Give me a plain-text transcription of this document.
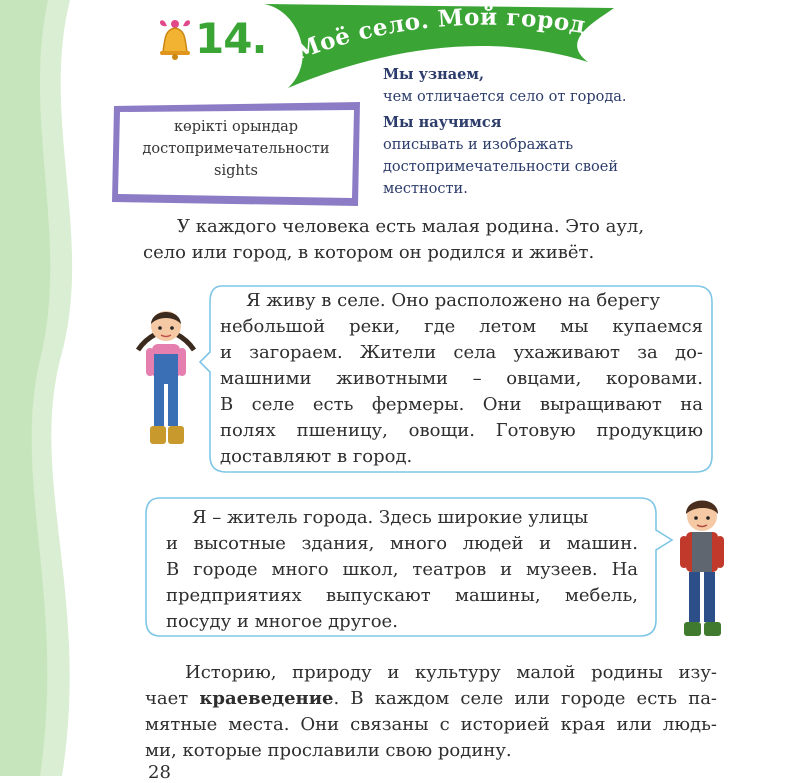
14. Моё село. Мой город
Мы узнаем,
чем отличается село от города.
Мы научимся
описывать и изображать
достопримечательности своей
местности.
көрікті орындар
достопримечательности
sights
У каждого человека есть малая родина. Это аул,
село или город, в котором он родился и живёт.
Я живу в селе. Оно расположено на берегу
небольшой реки, где летом мы купаемся
и загораем. Жители села ухаживают за до-
машними животными – овцами, коровами.
В селе есть фермеры. Они выращивают на
полях пшеницу, овощи. Готовую продукцию
доставляют в город.
Я – житель города. Здесь широкие улицы
и высотные здания, много людей и машин.
В городе много школ, театров и музеев. На
предприятиях выпускают машины, мебель,
посуду и многое другое.
Историю, природу и культуру малой родины изу-
чает краеведение. В каждом селе или городе есть па-
мятные места. Они связаны с историей края или людь-
ми, которые прославили свою родину.
28
